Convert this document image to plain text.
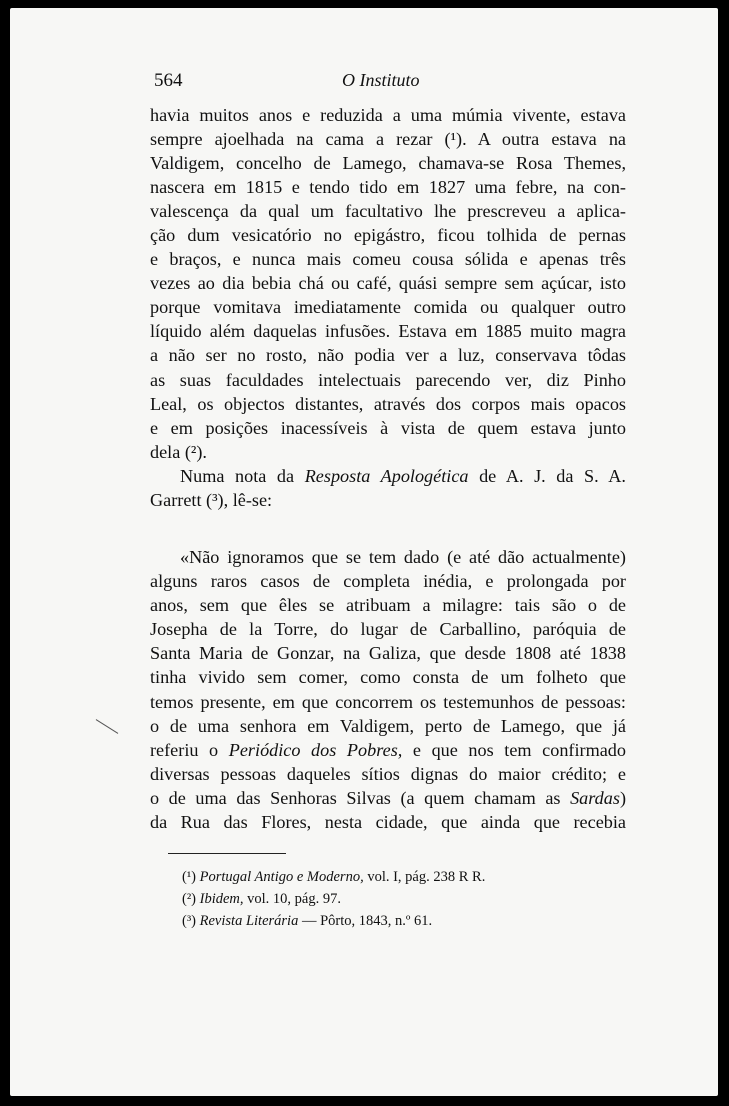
564	O Instituto
havia muitos anos e reduzida a uma múmia vivente, estava
sempre ajoelhada na cama a rezar (¹). A outra estava na
Valdigem, concelho de Lamego, chamava-se Rosa Themes,
nascera em 1815 e tendo tido em 1827 uma febre, na con-
valescença da qual um facultativo lhe prescreveu a aplica-
ção dum vesicatório no epigástro, ficou tolhida de pernas
e braços, e nunca mais comeu cousa sólida e apenas três
vezes ao dia bebia chá ou café, quási sempre sem açúcar, isto
porque vomitava imediatamente comida ou qualquer outro
líquido além daquelas infusões. Estava em 1885 muito magra
a não ser no rosto, não podia ver a luz, conservava tôdas
as suas faculdades intelectuais parecendo ver, diz Pinho
Leal, os objectos distantes, através dos corpos mais opacos
e em posições inacessíveis à vista de quem estava junto
dela (²).
Numa nota da Resposta Apologética de A. J. da S. A.
Garrett (³), lê-se:
«Não ignoramos que se tem dado (e até dão actualmente)
alguns raros casos de completa inédia, e prolongada por
anos, sem que êles se atribuam a milagre: tais são o de
Josepha de la Torre, do lugar de Carballino, paróquia de
Santa Maria de Gonzar, na Galiza, que desde 1808 até 1838
tinha vivido sem comer, como consta de um folheto que
temos presente, em que concorrem os testemunhos de pessoas:
o de uma senhora em Valdigem, perto de Lamego, que já
referiu o Periódico dos Pobres, e que nos tem confirmado
diversas pessoas daqueles sítios dignas do maior crédito; e
o de uma das Senhoras Silvas (a quem chamam as Sardas)
da Rua das Flores, nesta cidade, que ainda que recebia
(¹) Portugal Antigo e Moderno, vol. I, pág. 238 R R.
(²) Ibidem, vol. 10, pág. 97.
(³) Revista Literária — Pôrto, 1843, n.º 61.
